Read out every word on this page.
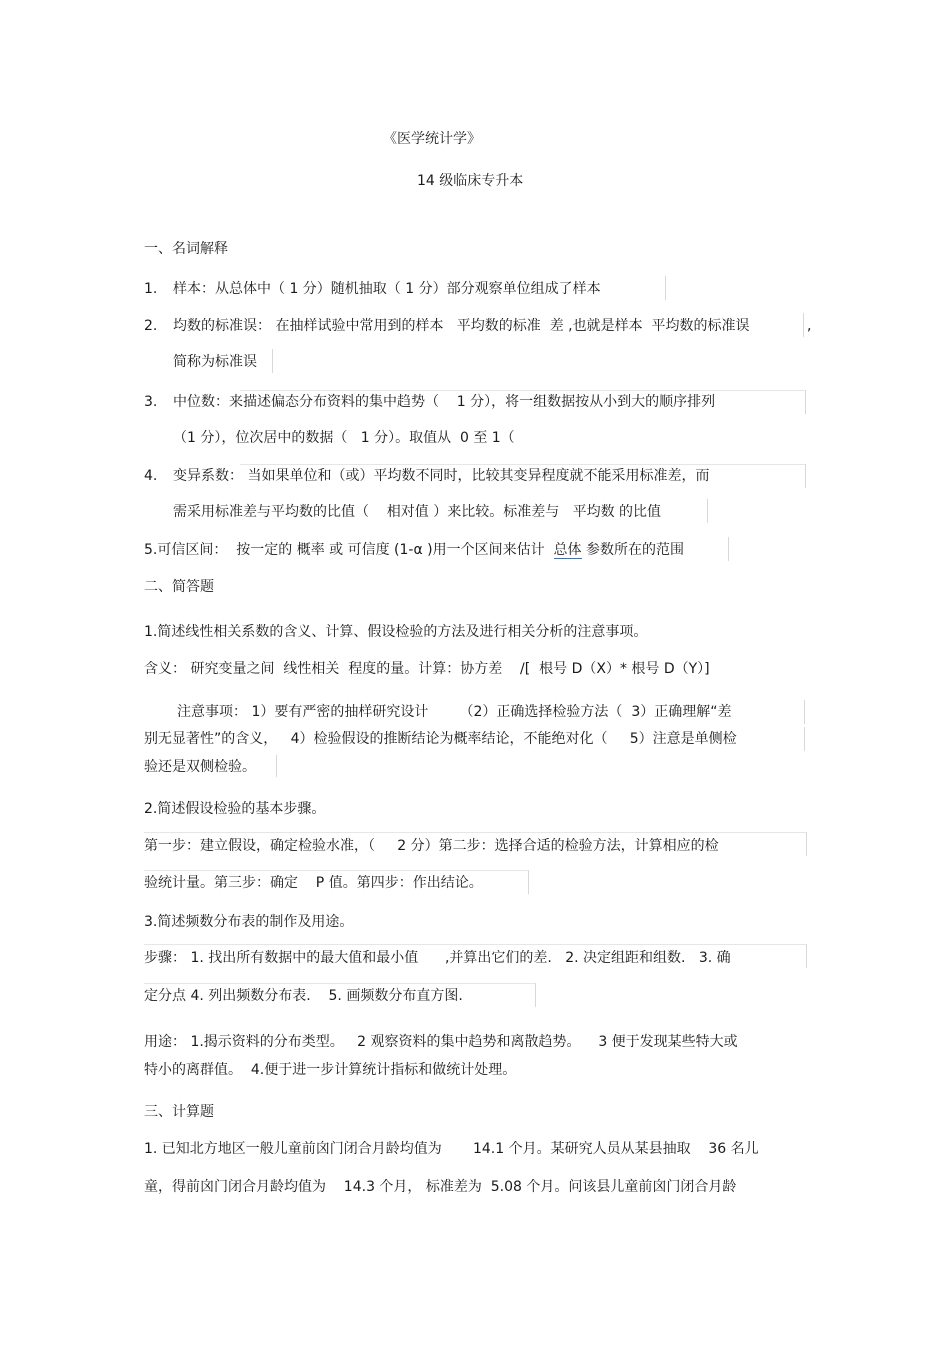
《医学统计学》
14 级临床专升本
一、名词解释
1. 样本：从总体中（ 1 分）随机抽取（ 1 分）部分观察单位组成了样本
2. 均数的标准误： 在抽样试验中常用到的样本   平均数的标准  差 ,也就是样本  平均数的标准误	,
简称为标准误
3. 中位数：来描述偏态分布资料的集中趋势（    1 分），将一组数据按从小到大的顺序排列
（1 分），位次居中的数据（   1 分）。取值从  0 至 1（
4. 变异系数： 当如果单位和（或）平均数不同时，比较其变异程度就不能采用标准差，而
需采用标准差与平均数的比值（    相对值 ）来比较。标准差与   平均数 的比值
5.可信区间：  按一定的 概率 或 可信度 (1-α )用一个区间来估计  总体 参数所在的范围
二、简答题
1.简述线性相关系数的含义、计算、假设检验的方法及进行相关分析的注意事项。
含义： 研究变量之间  线性相关  程度的量。计算：协方差    /[  根号 D（X）* 根号 D（Y）]
注意事项： 1）要有严密的抽样研究设计       （2）正确选择检验方法（  3）正确理解“差
别无显著性”的含义，   4）检验假设的推断结论为概率结论，不能绝对化（     5）注意是单侧检
验还是双侧检验。
2.简述假设检验的基本步骤。
第一步：建立假设，确定检验水准，（     2 分）第二步：选择合适的检验方法，计算相应的检
验统计量。第三步：确定    P 值。第四步：作出结论。
3.简述频数分布表的制作及用途。
步骤： 1. 找出所有数据中的最大值和最小值      ,并算出它们的差.   2. 决定组距和组数.   3. 确
定分点 4. 列出频数分布表.    5. 画频数分布直方图.
用途： 1.揭示资料的分布类型。   2 观察资料的集中趋势和离散趋势。    3 便于发现某些特大或
特小的离群值。  4.便于进一步计算统计指标和做统计处理。
三、计算题
1. 已知北方地区一般儿童前囟门闭合月龄均值为       14.1 个月。某研究人员从某县抽取    36 名儿
童，得前囟门闭合月龄均值为    14.3 个月， 标准差为  5.08 个月。问该县儿童前囟门闭合月龄
